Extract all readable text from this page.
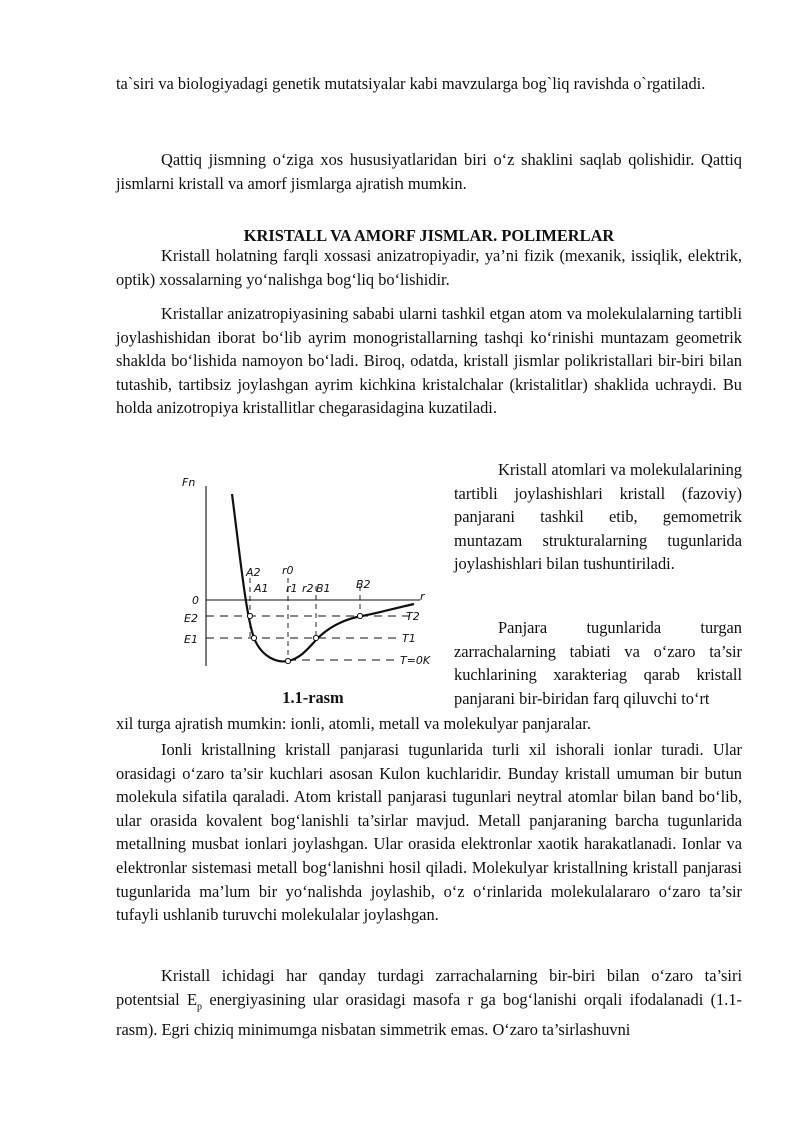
ta`siri va biologiyadagi genetik mutatsiyalar kabi mavzularga bog`liq ravishda o`rgatiladi.

Qattiq jismning o‘ziga xos hususiyatlaridan biri o‘z shaklini saqlab qolishidir. Qattiq jismlarni kristall va amorf jismlarga ajratish mumkin.

KRISTALL VA AMORF JISMLAR. POLIMERLAR

Kristall holatning farqli xossasi anizatropiyadir, ya’ni fizik (mexanik, issiqlik, elektrik, optik) xossalarning yo‘nalishga bog‘liq bo‘lishidir.

Kristallar anizatropiyasining sababi ularni tashkil etgan atom va molekulalarning tartibli joylashishidan iborat bo‘lib ayrim monogristallarning tashqi ko‘rinishi muntazam geometrik shaklda bo‘lishida namoyon bo‘ladi. Biroq, odatda, kristall jismlar polikristallari bir-biri bilan tutashib, tartibsiz joylashgan ayrim kichkina kristalchalar (kristalitlar) shaklida uchraydi. Bu holda anizotropiya kristallitlar chegarasidagina kuzatiladi.

Kristall atomlari va molekulalarining tartibli joylashishlari kristall (fazoviy) panjarani tashkil etib, gemometrik muntazam strukturalarning tugunlarida joylashishlari bilan tushuntiriladi.

Panjara tugunlarida turgan zarrachalarning tabiati va o‘zaro ta’sir kuchlarining xarakteriag qarab kristall panjarani bir-biridan farq qiluvchi to‘rt

xil turga ajratish mumkin: ionli, atomli, metall va molekulyar panjaralar.

Ionli kristallning kristall panjarasi tugunlarida turli xil ishorali ionlar turadi. Ular orasidagi o‘zaro ta’sir kuchlari asosan Kulon kuchlaridir. Bunday kristall umuman bir butun molekula sifatila qaraladi. Atom kristall panjarasi tugunlari neytral atomlar bilan band bo‘lib, ular orasida kovalent bog‘lanishli ta’sirlar mavjud. Metall panjaraning barcha tugunlarida metallning musbat ionlari joylashgan. Ular orasida elektronlar xaotik harakatlanadi. Ionlar va elektronlar sistemasi metall bog‘lanishni hosil qiladi. Molekulyar kristallning kristall panjarasi tugunlarida ma’lum bir yo‘nalishda joylashib, o‘z o‘rinlarida molekulalararo o‘zaro ta’sir tufayli ushlanib turuvchi molekulalar joylashgan.

Kristall ichidagi har qanday turdagi zarrachalarning bir-biri bilan o‘zaro ta’siri potentsial $E_p$ energiyasining ular orasidagi masofa r ga bog‘lanishi orqali ifodalanadi (1.1-rasm). Egri chiziq minimumga nisbatan simmetrik emas. O‘zaro ta’sirlashuvni

Fn
0
E2
E1
A2
A1
r0
r1 r2 B1 B2
r
T2
T1
T=0K
1.1-rasm
